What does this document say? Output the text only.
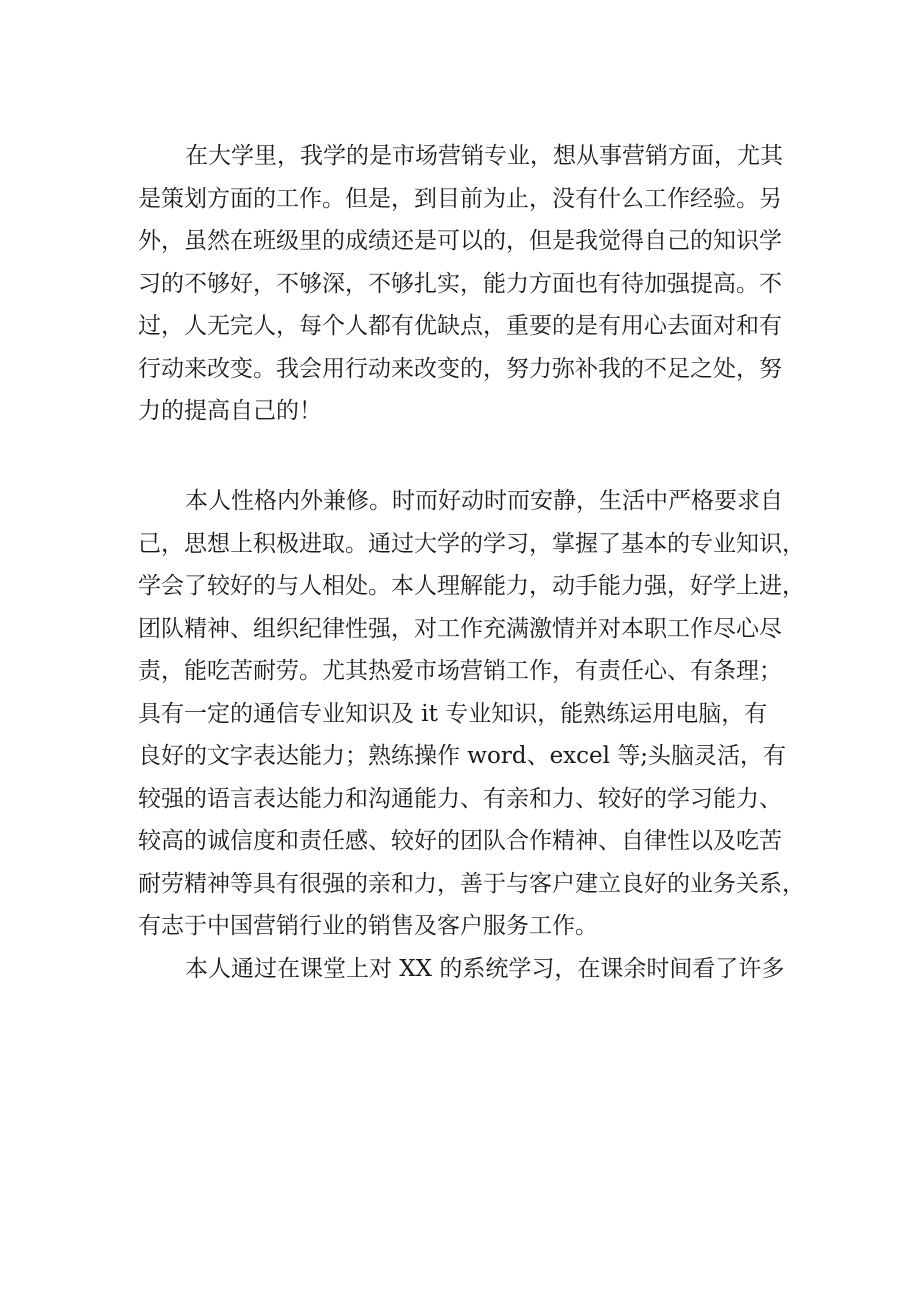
在大学里，我学的是市场营销专业，想从事营销方面，尤其
是策划方面的工作。但是，到目前为止，没有什么工作经验。另
外，虽然在班级里的成绩还是可以的，但是我觉得自己的知识学
习的不够好，不够深，不够扎实，能力方面也有待加强提高。不
过，人无完人，每个人都有优缺点，重要的是有用心去面对和有
行动来改变。我会用行动来改变的，努力弥补我的不足之处，努
力的提高自己的！
本人性格内外兼修。时而好动时而安静，生活中严格要求自
己，思想上积极进取。通过大学的学习，掌握了基本的专业知识，
学会了较好的与人相处。本人理解能力，动手能力强，好学上进，
团队精神、组织纪律性强，对工作充满激情并对本职工作尽心尽
责，能吃苦耐劳。尤其热爱市场营销工作，有责任心、有条理；
具有一定的通信专业知识及 it 专业知识，能熟练运用电脑，有
良好的文字表达能力；熟练操作 word、excel 等;头脑灵活，有
较强的语言表达能力和沟通能力、有亲和力、较好的学习能力、
较高的诚信度和责任感、较好的团队合作精神、自律性以及吃苦
耐劳精神等具有很强的亲和力，善于与客户建立良好的业务关系，
有志于中国营销行业的销售及客户服务工作。
本人通过在课堂上对 XX 的系统学习，在课余时间看了许多
